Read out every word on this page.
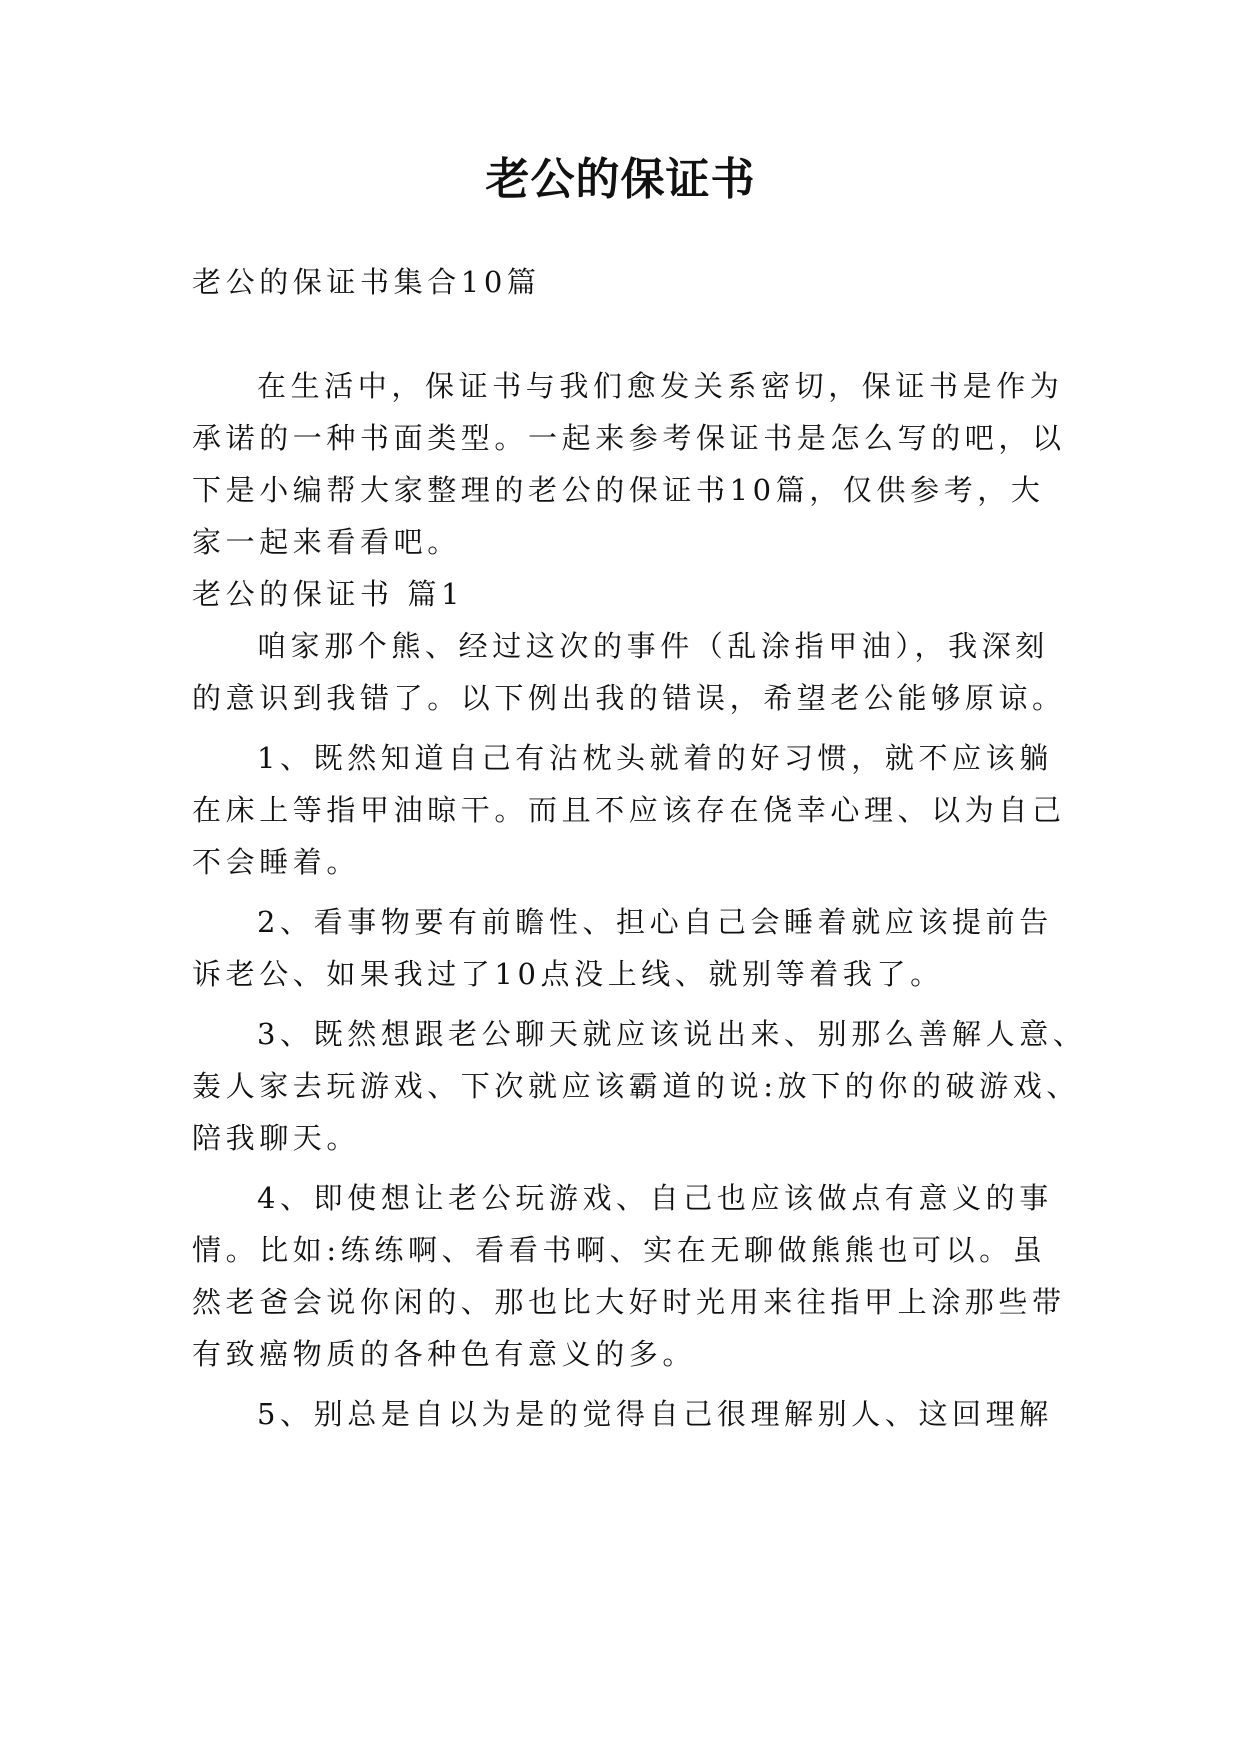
老公的保证书
老公的保证书集合10篇
在生活中，保证书与我们愈发关系密切，保证书是作为
承诺的一种书面类型。一起来参考保证书是怎么写的吧，以
下是小编帮大家整理的老公的保证书10篇，仅供参考，大
家一起来看看吧。
老公的保证书 篇1
咱家那个熊、经过这次的事件（乱涂指甲油），我深刻
的意识到我错了。以下例出我的错误，希望老公能够原谅。
1、既然知道自己有沾枕头就着的好习惯，就不应该躺
在床上等指甲油晾干。而且不应该存在侥幸心理、以为自己
不会睡着。
2、看事物要有前瞻性、担心自己会睡着就应该提前告
诉老公、如果我过了10点没上线、就别等着我了。
3、既然想跟老公聊天就应该说出来、别那么善解人意、
轰人家去玩游戏、下次就应该霸道的说:放下的你的破游戏、
陪我聊天。
4、即使想让老公玩游戏、自己也应该做点有意义的事
情。比如:练练啊、看看书啊、实在无聊做熊熊也可以。虽
然老爸会说你闲的、那也比大好时光用来往指甲上涂那些带
有致癌物质的各种色有意义的多。
5、别总是自以为是的觉得自己很理解别人、这回理解
